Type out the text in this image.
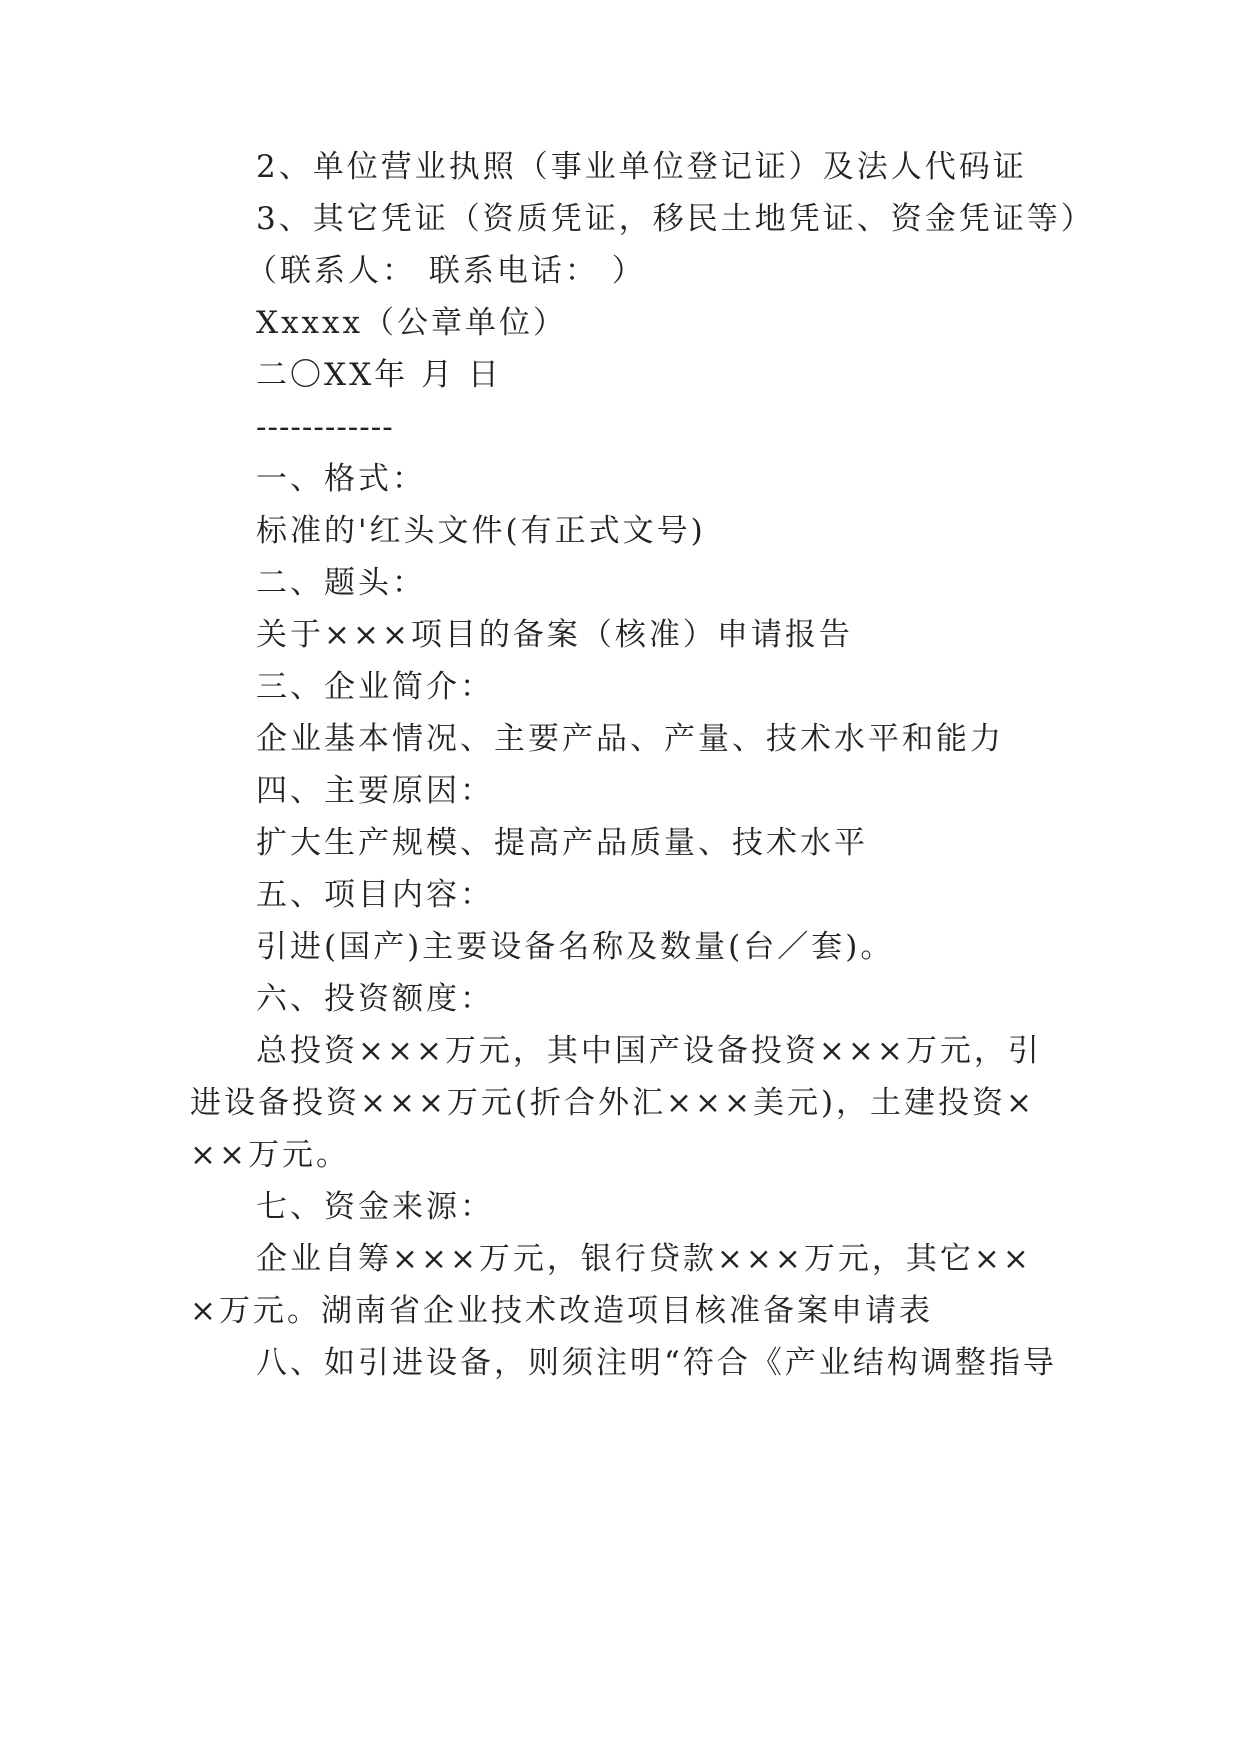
2、单位营业执照（事业单位登记证）及法人代码证
3、其它凭证（资质凭证，移民土地凭证、资金凭证等）
（联系人： 联系电话： ）
Xxxxx（公章单位）
二〇XX年 月 日
------------
一、格式：
标准的'红头文件(有正式文号)
二、题头：
关于×××项目的备案（核准）申请报告
三、企业简介：
企业基本情况、主要产品、产量、技术水平和能力
四、主要原因：
扩大生产规模、提高产品质量、技术水平
五、项目内容：
引进(国产)主要设备名称及数量(台／套)。
六、投资额度：
总投资×××万元，其中国产设备投资×××万元，引
进设备投资×××万元(折合外汇×××美元)，土建投资×
××万元。
七、资金来源：
企业自筹×××万元，银行贷款×××万元，其它××
×万元。湖南省企业技术改造项目核准备案申请表
八、如引进设备，则须注明“符合《产业结构调整指导
